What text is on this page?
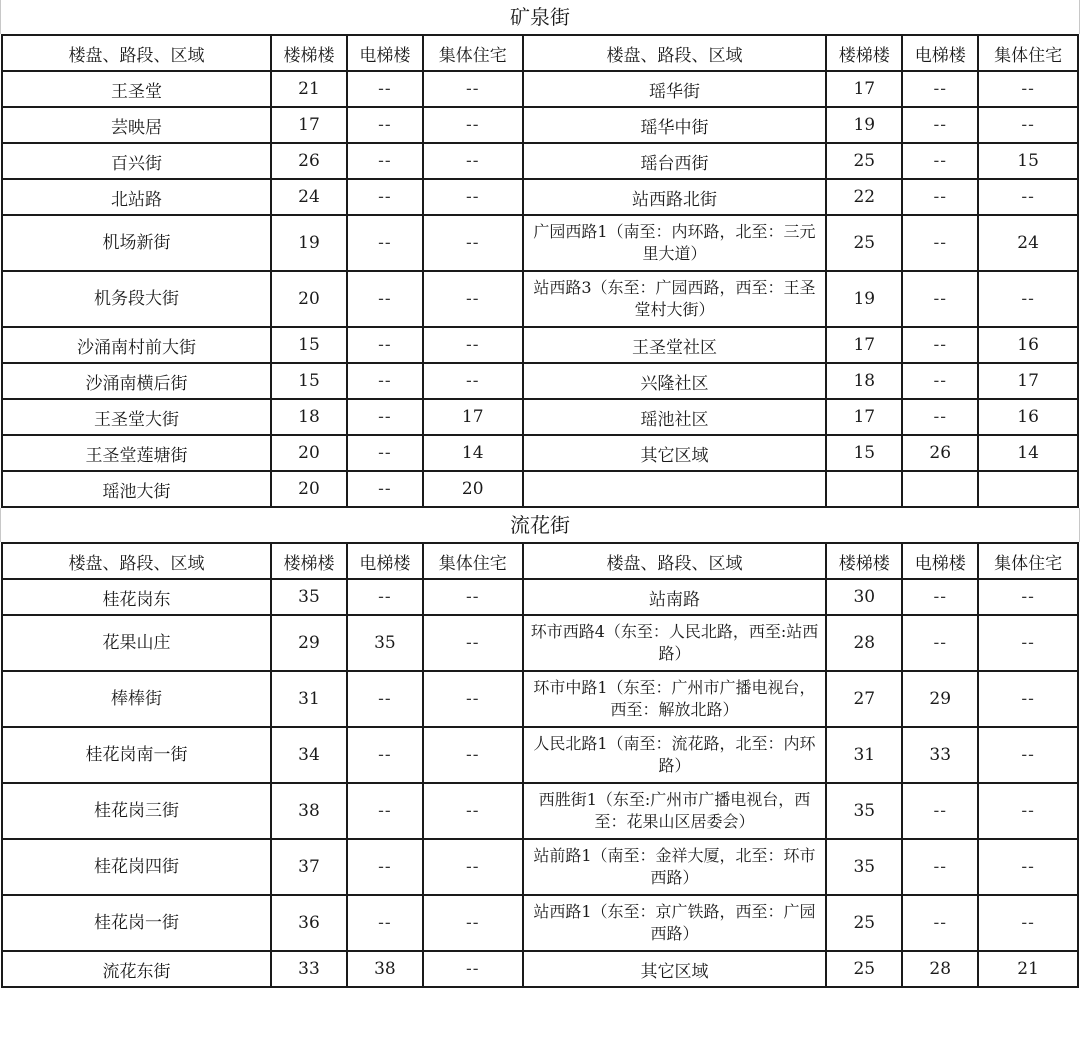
矿泉街
楼盘、路段、区域	楼梯楼	电梯楼	集体住宅	楼盘、路段、区域	楼梯楼	电梯楼	集体住宅
王圣堂	21	--	--	瑶华街	17	--	--
芸映居	17	--	--	瑶华中街	19	--	--
百兴街	26	--	--	瑶台西街	25	--	15
北站路	24	--	--	站西路北街	22	--	--
机场新街	19	--	--	广园西路1（南至：内环路，北至：三元里大道）	25	--	24
机务段大街	20	--	--	站西路3（东至：广园西路，西至：王圣堂村大街）	19	--	--
沙涌南村前大街	15	--	--	王圣堂社区	17	--	16
沙涌南横后街	15	--	--	兴隆社区	18	--	17
王圣堂大街	18	--	17	瑶池社区	17	--	16
王圣堂莲塘街	20	--	14	其它区域	15	26	14
瑶池大街	20	--	20				
流花街
楼盘、路段、区域	楼梯楼	电梯楼	集体住宅	楼盘、路段、区域	楼梯楼	电梯楼	集体住宅
桂花岗东	35	--	--	站南路	30	--	--
花果山庄	29	35	--	环市西路4（东至：人民北路，西至:站西路）	28	--	--
棒棒街	31	--	--	环市中路1（东至：广州市广播电视台，西至：解放北路）	27	29	--
桂花岗南一街	34	--	--	人民北路1（南至：流花路，北至：内环路）	31	33	--
桂花岗三街	38	--	--	西胜街1（东至:广州市广播电视台，西至：花果山区居委会）	35	--	--
桂花岗四街	37	--	--	站前路1（南至：金祥大厦，北至：环市西路）	35	--	--
桂花岗一街	36	--	--	站西路1（东至：京广铁路，西至：广园西路）	25	--	--
流花东街	33	38	--	其它区域	25	28	21
